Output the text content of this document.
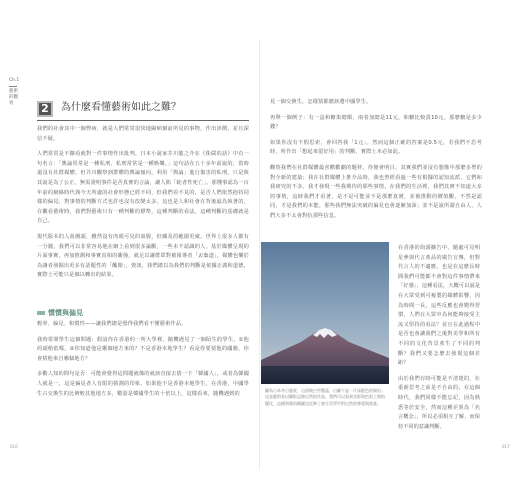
Ch.1
藝術的觀看	2	為什麼看懂藝術如此之難？

我們的社會其中一個弊病，就是人們常常很快地歸納個前所見的事物，作出評價，並且深信不疑。

人們常常是不擴看就對一件事情作出批判。日本小說家芥川龍之介在《侏儒的話》中有一句名言：「輿論常常是一種私刑，私刑常常是一種娛樂。」這句話在五十多年前說的，當時還沒有社群媒體。但芥川觀察到群體的輿論傾向，利用「輿論」進行傷害的私刑，只是與其說是為了公正，無需證明事件是否真實的言論，讓人陷「蛇者性死亡」。那懂事認為一百年前的網絡時代與今天所處的社會形態已經不同，但我們看不見的，是否人們依然抱持同樣的偏見，對事情的判斷方式也許也沒有改變太多。這也是人和社會在背後最為執著的，在觀看藝術時，我們對藝術只有一種判斷的標準，這種判斷的看法，這種判斷的基礎就是自己。

現代版本的人血饅頭，雖然沒有肉眼可見的血腥，但藏及的範圍更廣。世界上很多人都有一分鐘，我們可以非常容易地在網上看到很多論斷，一些未不認識的人。基於媒體呈現的片面事實，再加推測和事實真相的衝撞，就足以讓群眾對被報導者「丟棄道」，媒體也樂於為讓者發掘出更多有話題性的「醜聞」，資訊，我們總以為我們的判斷是依據正義和道德，實際上可能只是個以轉出的結果。

慣慣與偏見

輕率、偏見、和慣性——讓我們總是覺得我們看不懂藝術作品。

我時常問學生這個問題：假設你在香港的一所大學裡，隨機遇見了一個陌生的學生，①他的頭稍低嗎，②你知道他是哪個地方來的？不是香港本地學生？看是你要猜他的國籍，你會猜他來自哪個地方？

多數人知的問句是否：可能會覺得這問題就像的就該直接去猜一下「韓國人」，或者為韓國人就是一，這是偏見者人有限的猜測的印象。如果他不是香港本地學生，在香港，中國學生占交換生的比例較其他地方多，數量是韓國學生的十倍以上，這樣看來，隨機遇到的

016

見一個交換生，怎樣猜都應該選中國學生。

再舉一個例子：有一盒和糖果總額，兩者加總是11元，和糖比較貴10元，那麼糖是多少錢？

如果你沒有不假思索，會回答我「1元」。然而這個正確的答案是0.5元，若我們不思考時，所作出「想起來很好用」的判斷，實際上未必如此。

觀察我們在社群媒體最喜歡歡劇的題材，你便會明白，其實我們並沒有想像中那麼多聖的對全新的建築；我在社群媒體上推介品時，我也曾經看過一些有根據的認知流派，它們和我研究的不多，我才發現一些我期待的那些事情，在我們的生活裡，我們其實不知道大多的事情，這時我們才看著，是不是可能並不是那麼真實，並被推動的價值觀，不然是認同，才是我們的本能，那些我們無法突破的偏見也會逐漸加深；並不是說所謂自由人，人們大多不太會對抗那些信息。

圖為日本冬日風景，山頂被白雪覆蓋，山腳下是一片深藍色的湖泊。這是藝術家以攝影記錄自然的作品，我們可以看到光影與色彩之間的變化，這種和諧的構圖也反映了東方美學中對自然的尊重與欣賞。

在香港的街頭擴告中，隨處可見明星參與代言產品的廣告宣傳，但對代言人的不適應，也是在這麼長時間我們可能都不會對這件事情帶來「好感」，這種看法，大概可以說是在大眾受到可複製的媒體影響，因為時間一長，這些反應也會變得習慣，人們在大眾中為何能夠接受主流又堅持的看法？並且在此過程中是否也會讓我們之後對美學和所有不同的文化背景產生了不同的判斷？我們又要怎麼去發現這個差距？

由於我們有時可能是不清楚的，在重新思考之前是不自由的。在這個時代，我們同樣不能忘記，因為熟悉等於安全，然而這種差異為「名言概念」，所以必須相互了解，而保持不同的意識判斷。

017
